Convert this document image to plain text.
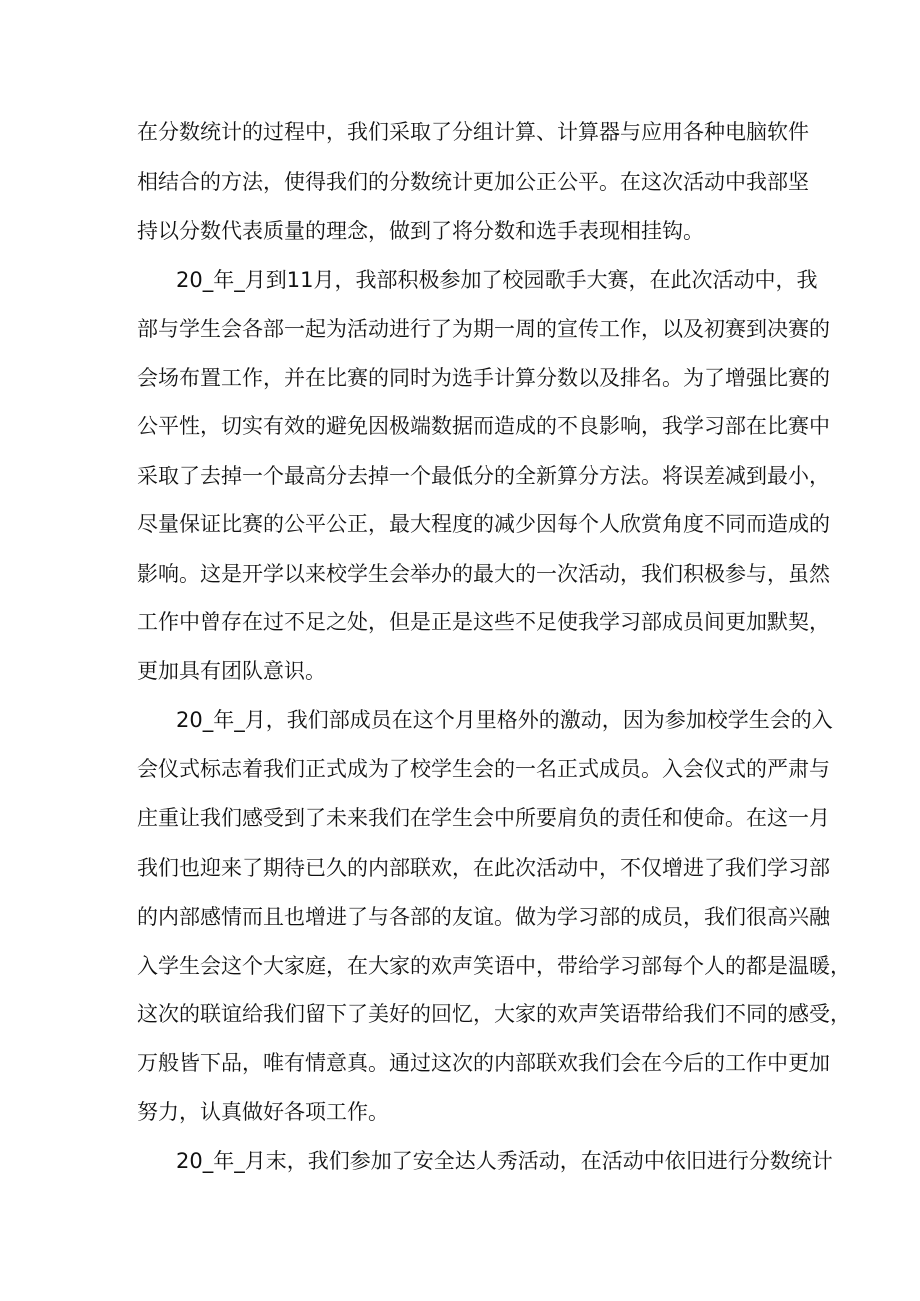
在分数统计的过程中，我们采取了分组计算、计算器与应用各种电脑软件
相结合的方法，使得我们的分数统计更加公正公平。在这次活动中我部坚
持以分数代表质量的理念，做到了将分数和选手表现相挂钩。
20_年_月到11月，我部积极参加了校园歌手大赛，在此次活动中，我
部与学生会各部一起为活动进行了为期一周的宣传工作，以及初赛到决赛的
会场布置工作，并在比赛的同时为选手计算分数以及排名。为了增强比赛的
公平性，切实有效的避免因极端数据而造成的不良影响，我学习部在比赛中
采取了去掉一个最高分去掉一个最低分的全新算分方法。将误差减到最小，
尽量保证比赛的公平公正，最大程度的减少因每个人欣赏角度不同而造成的
影响。这是开学以来校学生会举办的最大的一次活动，我们积极参与，虽然
工作中曾存在过不足之处，但是正是这些不足使我学习部成员间更加默契，
更加具有团队意识。
20_年_月，我们部成员在这个月里格外的激动，因为参加校学生会的入
会仪式标志着我们正式成为了校学生会的一名正式成员。入会仪式的严肃与
庄重让我们感受到了未来我们在学生会中所要肩负的责任和使命。在这一月
我们也迎来了期待已久的内部联欢，在此次活动中，不仅增进了我们学习部
的内部感情而且也增进了与各部的友谊。做为学习部的成员，我们很高兴融
入学生会这个大家庭，在大家的欢声笑语中，带给学习部每个人的都是温暖，
这次的联谊给我们留下了美好的回忆，大家的欢声笑语带给我们不同的感受，
万般皆下品，唯有情意真。通过这次的内部联欢我们会在今后的工作中更加
努力，认真做好各项工作。
20_年_月末，我们参加了安全达人秀活动，在活动中依旧进行分数统计
